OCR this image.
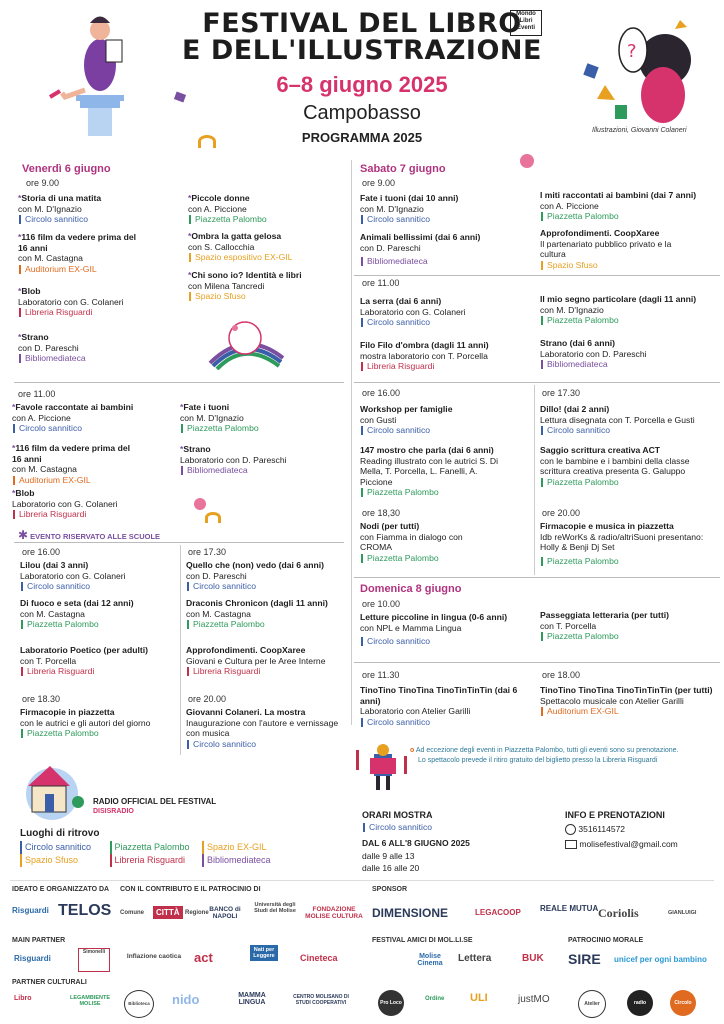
FESTIVAL DEL LIBRO
E DELL'ILLUSTRAZIONE
Mondo Libri Eventi
6–8 giugno 2025
Campobasso
PROGRAMMA 2025	Illustrazioni, Giovanni Colaneri
?
Venerdì 6 giugno
ore 9.00
*Storia di una matita
con M. D'Ignazio
Circolo sannitico
*116 film da vedere prima del 16 anni
con M. Castagna
Auditorium EX-GIL
*Blob
Laboratorio con G. Colaneri
Libreria Risguardi
*Strano
con D. Pareschi
Bibliomediateca
*Piccole donne
con A. Piccione
Piazzetta Palombo
*Ombra la gatta gelosa
con S. Callocchia
Spazio espositivo EX-GIL
*Chi sono io? Identità e libri
con Milena Tancredi
Spazio Sfuso
ore 11.00
*Favole raccontate ai bambini
con A. Piccione
Circolo sannitico
*116 film da vedere prima del 16 anni
con M. Castagna
Auditorium EX-GIL
*Blob
Laboratorio con G. Colaneri
Libreria Risguardi
*Fate i tuoni
con M. D'Ignazio
Piazzetta Palombo
*Strano
Laboratorio con D. Pareschi
Bibliomediateca
✱ EVENTO RISERVATO ALLE SCUOLE
ore 16.00
Lilou (dai 3 anni)
Laboratorio con G. Colaneri
Circolo sannitico
Di fuoco e seta (dai 12 anni)
con M. Castagna
Piazzetta Palombo
Laboratorio Poetico (per adulti)
con T. Porcella
Libreria Risguardi
ore 18.30
Firmacopie in piazzetta
con le autrici e gli autori del giorno
Piazzetta Palombo
ore 17.30
Quello che (non) vedo (dai 6 anni)
con D. Pareschi
Circolo sannitico
Draconis Chronicon (dagli 11 anni)
con M. Castagna
Piazzetta Palombo
Approfondimenti. CoopXaree
Giovani e Cultura per le Aree Interne
Libreria Risguardi
ore 20.00
Giovanni Colaneri. La mostra
Inaugurazione con l'autore e vernissage con musica
Circolo sannitico
Sabato 7 giugno
ore 9.00
Fate i tuoni (dai 10 anni)
con M. D'Ignazio
Circolo sannitico
Animali bellissimi (dai 6 anni)
con D. Pareschi
Bibliomediateca
I miti raccontati ai bambini (dai 7 anni)
con A. Piccione
Piazzetta Palombo
Approfondimenti. CoopXaree
Il partenariato pubblico privato e la cultura
Spazio Sfuso
ore 11.00
La serra (dai 6 anni)
Laboratorio con G. Colaneri
Circolo sannitico
Filo Filo d'ombra (dagli 11 anni)
mostra laboratorio con T. Porcella
Libreria Risguardi
Il mio segno particolare (dagli 11 anni)
con M. D'Ignazio
Piazzetta Palombo
Strano (dai 6 anni)
Laboratorio con D. Pareschi
Bibliomediateca
ore 16.00
Workshop per famiglie
con Gusti
Circolo sannitico
147 mostro che parla (dai 6 anni)
Reading illustrato con le autrici S. Di Mella, T. Porcella, L. Fanelli, A. Piccione
Piazzetta Palombo
ore 18,30
Nodi (per tutti)
con Fiamma in dialogo con CROMA
Piazzetta Palombo
ore 17.30
Dillo! (dai 2 anni)
Lettura disegnata con T. Porcella e Gusti
Circolo sannitico
Saggio scrittura creativa ACT
con le bambine e i bambini della classe scrittura creativa presenta G. Galuppo
Piazzetta Palombo
ore 20.00
Firmacopie e musica in piazzetta
Idb reWorKs & radio/altriSuoni presentano: Holly & Benji Dj Set
Piazzetta Palombo
Domenica 8 giugno
ore 10.00
Letture piccoline in lingua (0-6 anni)
con NPL e Mamma Lingua
Circolo sannitico
Passeggiata letteraria (per tutti)
con T. Porcella
Piazzetta Palombo
ore 11.30
TinoTino TinoTina TinoTinTinTin (dai 6 anni)
Laboratorio con Atelier Garilli
Circolo sannitico
ore 18.00
TinoTino TinoTina TinoTinTinTin (per tutti)
Spettacolo musicale con Atelier Garilli
Auditorium EX-GIL
o Ad eccezione degli eventi in Piazzetta Palombo, tutti gli eventi sono su prenotazione.
Lo spettacolo prevede il ritiro gratuito del biglietto presso la Libreria Risguardi
RADIO OFFICIAL DEL FESTIVAL
DISISRADIO
Luoghi di ritrovo
Circolo sannitico	Piazzetta Palombo Spazio EX-GIL
Spazio Sfuso	Libreria Risguardi Bibliomediateca
ORARI MOSTRA
Circolo sannitico
DAL 6 ALL'8 GIUGNO 2025
dalle 9 alle 13
dalle 16 alle 20
INFO E PRENOTAZIONI
3516114572
molisefestival@gmail.com
IDEATO E ORGANIZZATO DA CON IL CONTRIBUTO E IL PATROCINIO DI	SPONSOR
Risguardi TELOS Comune	CITTÀ Regione BANCO di NAPOLI
Università degli Studi del Molise	FONDAZIONE MOLISE CULTURA DIMENSIONE	LEGACOOP REALE MUTUA Coriolis	GIANLUIGI
MAIN PARTNER	FESTIVAL AMICI DI MOL.LI.SE	PATROCINIO MORALE
Risguardi
Simonelli
Inflazione caotica act	Nati per Leggere	Cineteca	Molise Cinema	Lettera	BUK SIRE unicef per ogni bambino
PARTNER CULTURALI
Libro	LEGAMBIENTE MOLISE	Biblioteca	nido	MAMMA LINGUA
CENTRO MOLISANO DI STUDI COOPERATIVI	Pro Loco
Ordine ULI	justMO	Atelier	radio	Circolo
